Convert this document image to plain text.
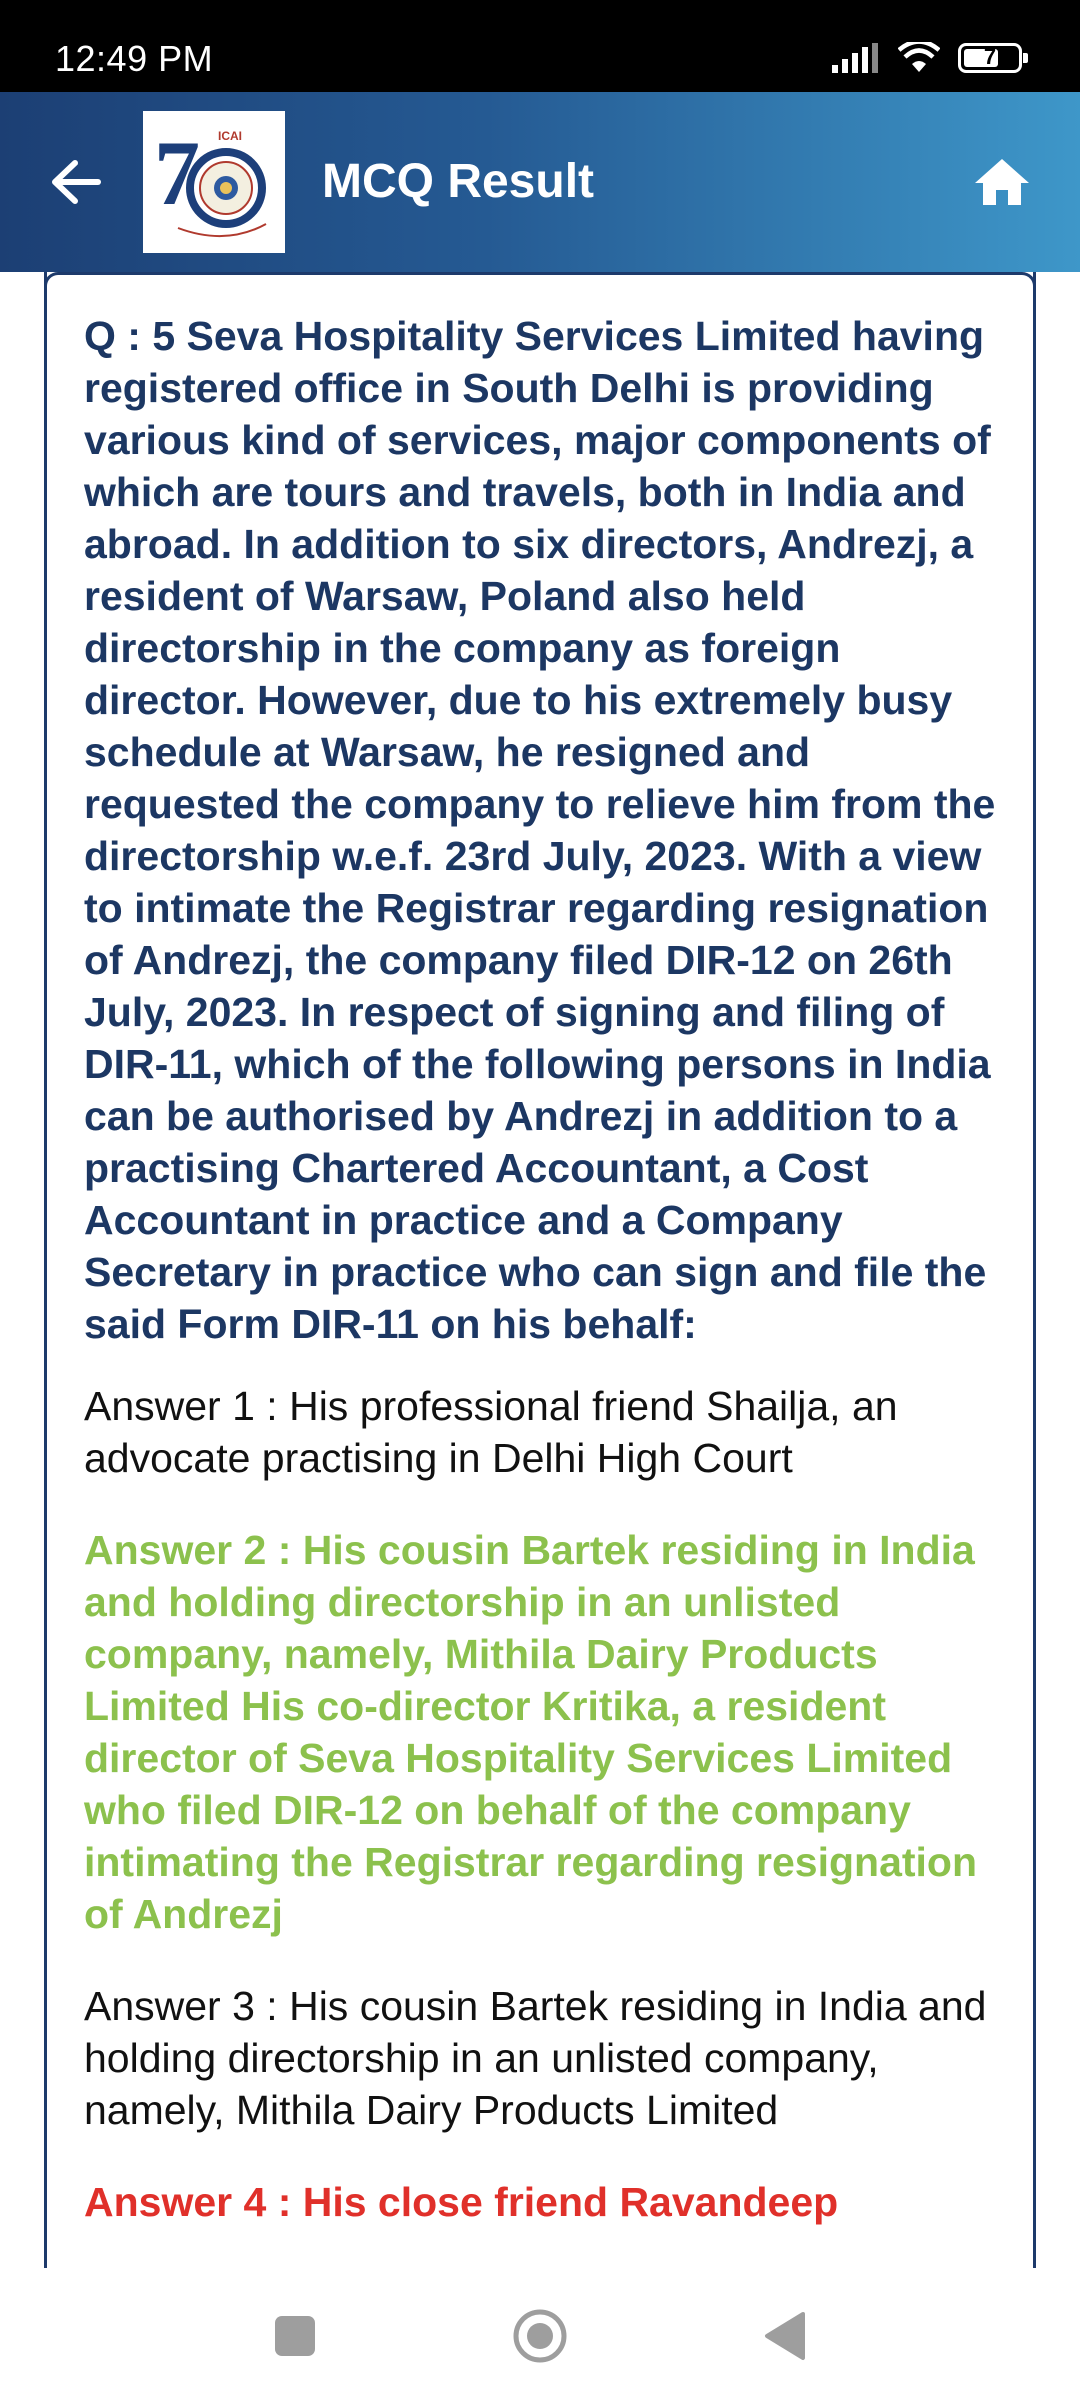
12:49 PM	7
7 ICAI
MCQ Result

Q : 5 Seva Hospitality Services Limited having registered office in South Delhi is providing various kind of services, major components of which are tours and travels, both in India and abroad. In addition to six directors, Andrezj, a resident of Warsaw, Poland also held directorship in the company as foreign director. However, due to his extremely busy schedule at Warsaw, he resigned and requested the company to relieve him from the directorship w.e.f. 23rd July, 2023. With a view to intimate the Registrar regarding resignation of Andrezj, the company filed DIR-12 on 26th July, 2023. In respect of signing and filing of DIR-11, which of the following persons in India can be authorised by Andrezj in addition to a practising Chartered Accountant, a Cost Accountant in practice and a Company Secretary in practice who can sign and file the said Form DIR-11 on his behalf:

Answer 1 : His professional friend Shailja, an advocate practising in Delhi High Court

Answer 2 : His cousin Bartek residing in India and holding directorship in an unlisted company, namely, Mithila Dairy Products Limited His co-director Kritika, a resident director of Seva Hospitality Services Limited who filed DIR-12 on behalf of the company intimating the Registrar regarding resignation of Andrezj

Answer 3 : His cousin Bartek residing in India and holding directorship in an unlisted company, namely, Mithila Dairy Products Limited

Answer 4 : His close friend Ravandeep
